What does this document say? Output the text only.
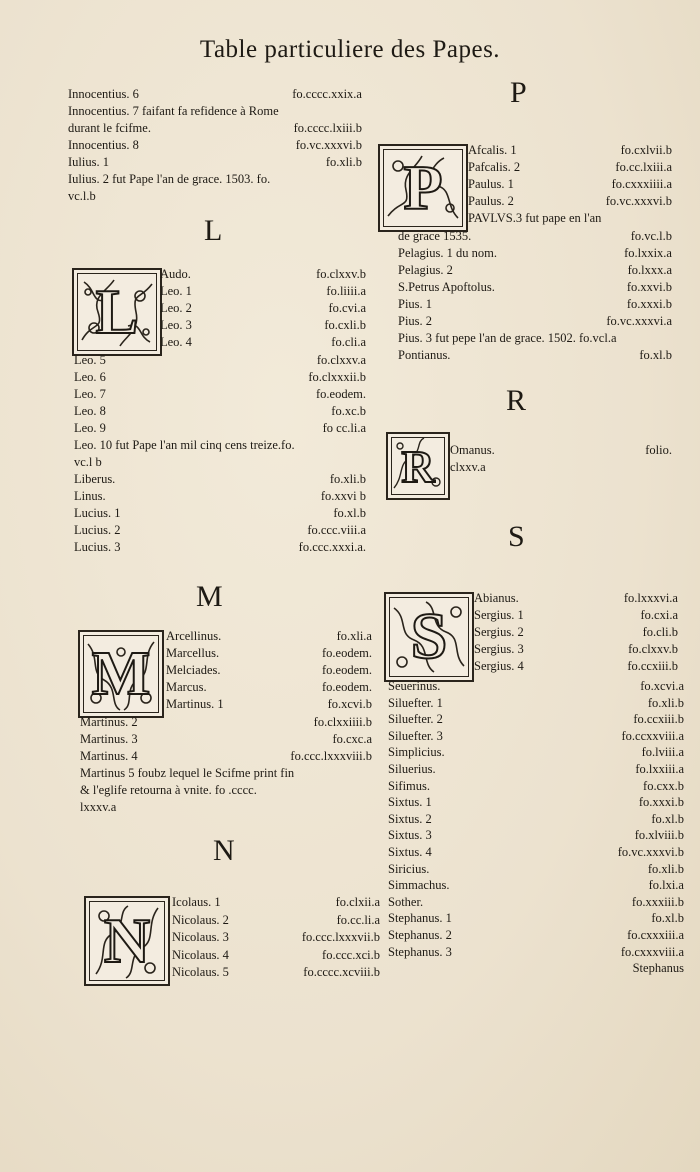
Table particuliere des Papes.
Innocentius. 6	fo.cccc.xxix.a
Innocentius. 7 faifant fa refidence à Rome
durant le fcifme.	fo.cccc.lxiii.b
Innocentius. 8	fo.vc.xxxvi.b
Iulius. 1	fo.xli.b
Iulius. 2 fut Pape l'an de grace. 1503. fo.
vc.l.b
L
L
Audo.	fo.clxxv.b
Leo. 1	fo.liiii.a
Leo. 2	fo.cvi.a
Leo. 3	fo.cxli.b
Leo. 4	fo.cli.a
Leo. 5	fo.clxxv.a
Leo. 6	fo.clxxxii.b
Leo. 7	fo.eodem.
Leo. 8	fo.xc.b
Leo. 9	fo cc.li.a
Leo. 10 fut Pape l'an mil cinq cens treize.fo.
vc.l b
Liberus.	fo.xli.b
Linus.	fo.xxvi b
Lucius. 1	fo.xl.b
Lucius. 2	fo.ccc.viii.a
Lucius. 3	fo.ccc.xxxi.a.
M
M
Arcellinus.	fo.xli.a
Marcellus.	fo.eodem.
Melciades.	fo.eodem.
Marcus.	fo.eodem.
Martinus. 1	fo.xcvi.b
Martinus. 2	fo.clxxiiii.b
Martinus. 3	fo.cxc.a
Martinus. 4	fo.ccc.lxxxviii.b
Martinus 5 foubz lequel le Scifme print fin
& l'eglife retourna à vnite. fo .cccc.
lxxxv.a
N
N
Icolaus. 1	fo.clxii.a
Nicolaus. 2	fo.cc.li.a
Nicolaus. 3	fo.ccc.lxxxvii.b
Nicolaus. 4	fo.ccc.xci.b
Nicolaus. 5	fo.cccc.xcviii.b
P
P
Afcalis. 1	fo.cxlvii.b
Pafcalis. 2	fo.cc.lxiii.a
Paulus. 1	fo.cxxxiiii.a
Paulus. 2	fo.vc.xxxvi.b
PAVLVS.3 fut pape en l'an
de grace 1535.	fo.vc.l.b
Pelagius. 1 du nom.	fo.lxxix.a
Pelagius. 2	fo.lxxx.a
S.Petrus Apoftolus.	fo.xxvi.b
Pius. 1	fo.xxxi.b
Pius. 2	fo.vc.xxxvi.a
Pius. 3 fut pepe l'an de grace. 1502. fo.vcl.a
Pontianus.	fo.xl.b
R
R	Omanus.	folio.
clxxv.a
S
S
Abianus.	fo.lxxxvi.a
Sergius. 1	fo.cxi.a
Sergius. 2	fo.cli.b
Sergius. 3	fo.clxxv.b
Sergius. 4	fo.ccxiii.b
Seuerinus.	fo.xcvi.a
Siluefter. 1	fo.xli.b
Siluefter. 2	fo.ccxiii.b
Siluefter. 3	fo.ccxxviii.a
Simplicius.	fo.lviii.a
Siluerius.	fo.lxxiii.a
Sifimus.	fo.cxx.b
Sixtus. 1	fo.xxxi.b
Sixtus. 2	fo.xl.b
Sixtus. 3	fo.xlviii.b
Sixtus. 4	fo.vc.xxxvi.b
Siricius.	fo.xli.b
Simmachus.	fo.lxi.a
Sother.	fo.xxxiii.b
Stephanus. 1	fo.xl.b
Stephanus. 2	fo.cxxxiii.a
Stephanus. 3	fo.cxxxviii.a
Stephanus
